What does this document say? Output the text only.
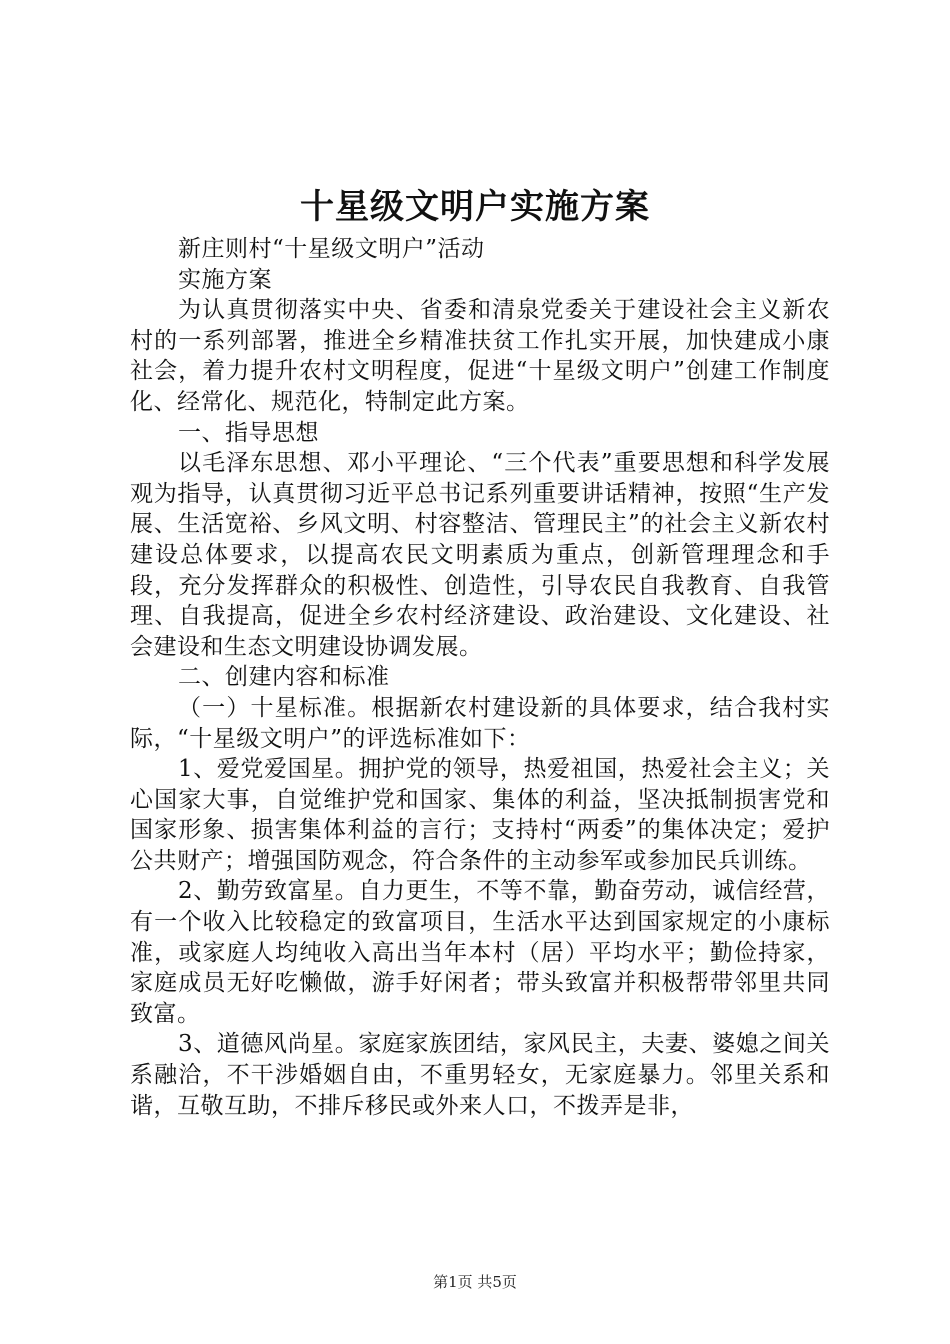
十星级文明户实施方案

新庄则村“十星级文明户”活动

实施方案

为认真贯彻落实中央、省委和清泉党委关于建设社会主义新农村的一系列部署，推进全乡精准扶贫工作扎实开展，加快建成小康社会，着力提升农村文明程度，促进“十星级文明户”创建工作制度化、经常化、规范化，特制定此方案。

一、指导思想

以毛泽东思想、邓小平理论、“三个代表”重要思想和科学发展观为指导，认真贯彻习近平总书记系列重要讲话精神，按照“生产发展、生活宽裕、乡风文明、村容整洁、管理民主”的社会主义新农村建设总体要求，以提高农民文明素质为重点，创新管理理念和手段，充分发挥群众的积极性、创造性，引导农民自我教育、自我管理、自我提高，促进全乡农村经济建设、政治建设、文化建设、社会建设和生态文明建设协调发展。

二、创建内容和标准

（一）十星标准。根据新农村建设新的具体要求，结合我村实际，“十星级文明户”的评选标准如下：

1、爱党爱国星。拥护党的领导，热爱祖国，热爱社会主义；关心国家大事，自觉维护党和国家、集体的利益，坚决抵制损害党和国家形象、损害集体利益的言行；支持村“两委”的集体决定；爱护公共财产；增强国防观念，符合条件的主动参军或参加民兵训练。

2、勤劳致富星。自力更生，不等不靠，勤奋劳动，诚信经营，有一个收入比较稳定的致富项目，生活水平达到国家规定的小康标准，或家庭人均纯收入高出当年本村（居）平均水平；勤俭持家，家庭成员无好吃懒做，游手好闲者；带头致富并积极帮带邻里共同致富。

3、道德风尚星。家庭家族团结，家风民主，夫妻、婆媳之间关系融洽，不干涉婚姻自由，不重男轻女，无家庭暴力。邻里关系和谐，互敬互助，不排斥移民或外来人口，不拨弄是非，

第1页 共5页
